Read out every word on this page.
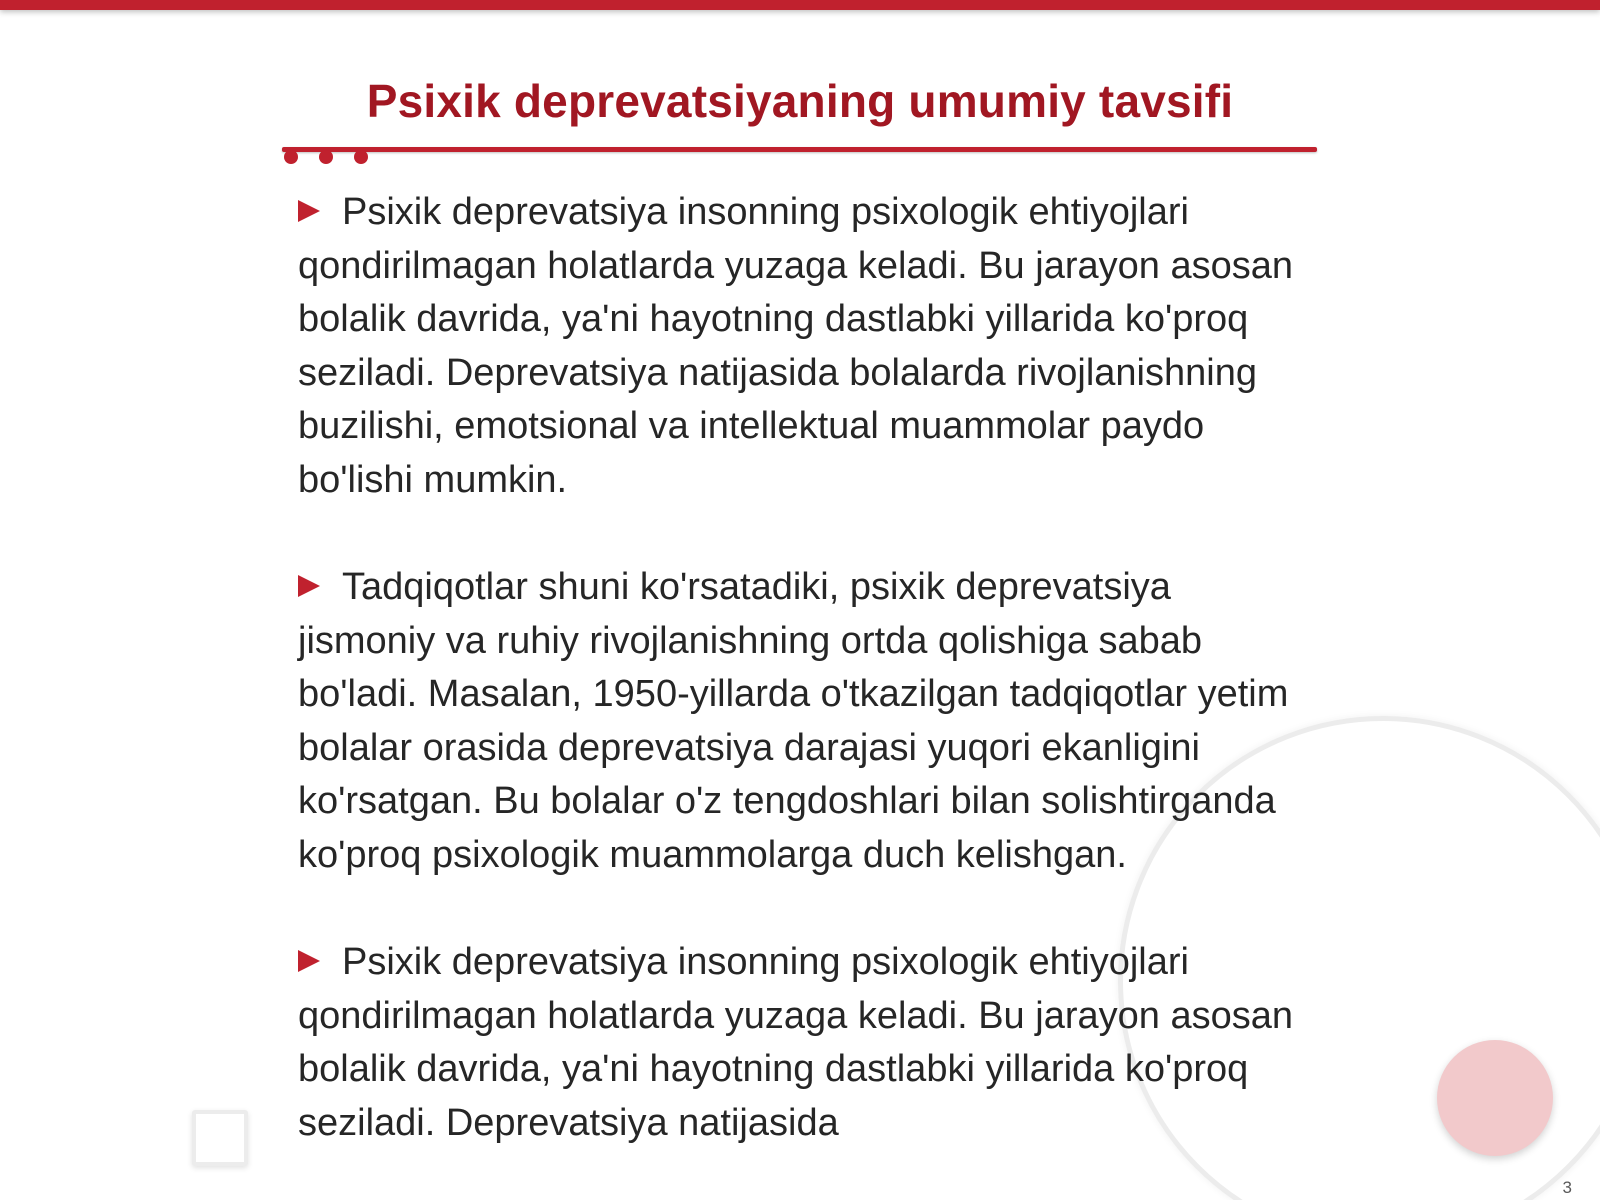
Psixik deprevatsiyaning umumiy tavsifi

Psixik deprevatsiya insonning psixologik ehtiyojlari qondirilmagan holatlarda yuzaga keladi. Bu jarayon asosan bolalik davrida, ya'ni hayotning dastlabki yillarida ko'proq seziladi. Deprevatsiya natijasida bolalarda rivojlanishning buzilishi, emotsional va intellektual muammolar paydo bo'lishi mumkin.

Tadqiqotlar shuni ko'rsatadiki, psixik deprevatsiya jismoniy va ruhiy rivojlanishning ortda qolishiga sabab bo'ladi. Masalan, 1950-yillarda o'tkazilgan tadqiqotlar yetim bolalar orasida deprevatsiya darajasi yuqori ekanligini ko'rsatgan. Bu bolalar o'z tengdoshlari bilan solishtirganda ko'proq psixologik muammolarga duch kelishgan.

Psixik deprevatsiya insonning psixologik ehtiyojlari qondirilmagan holatlarda yuzaga keladi. Bu jarayon asosan bolalik davrida, ya'ni hayotning dastlabki yillarida ko'proq seziladi. Deprevatsiya natijasida

3
